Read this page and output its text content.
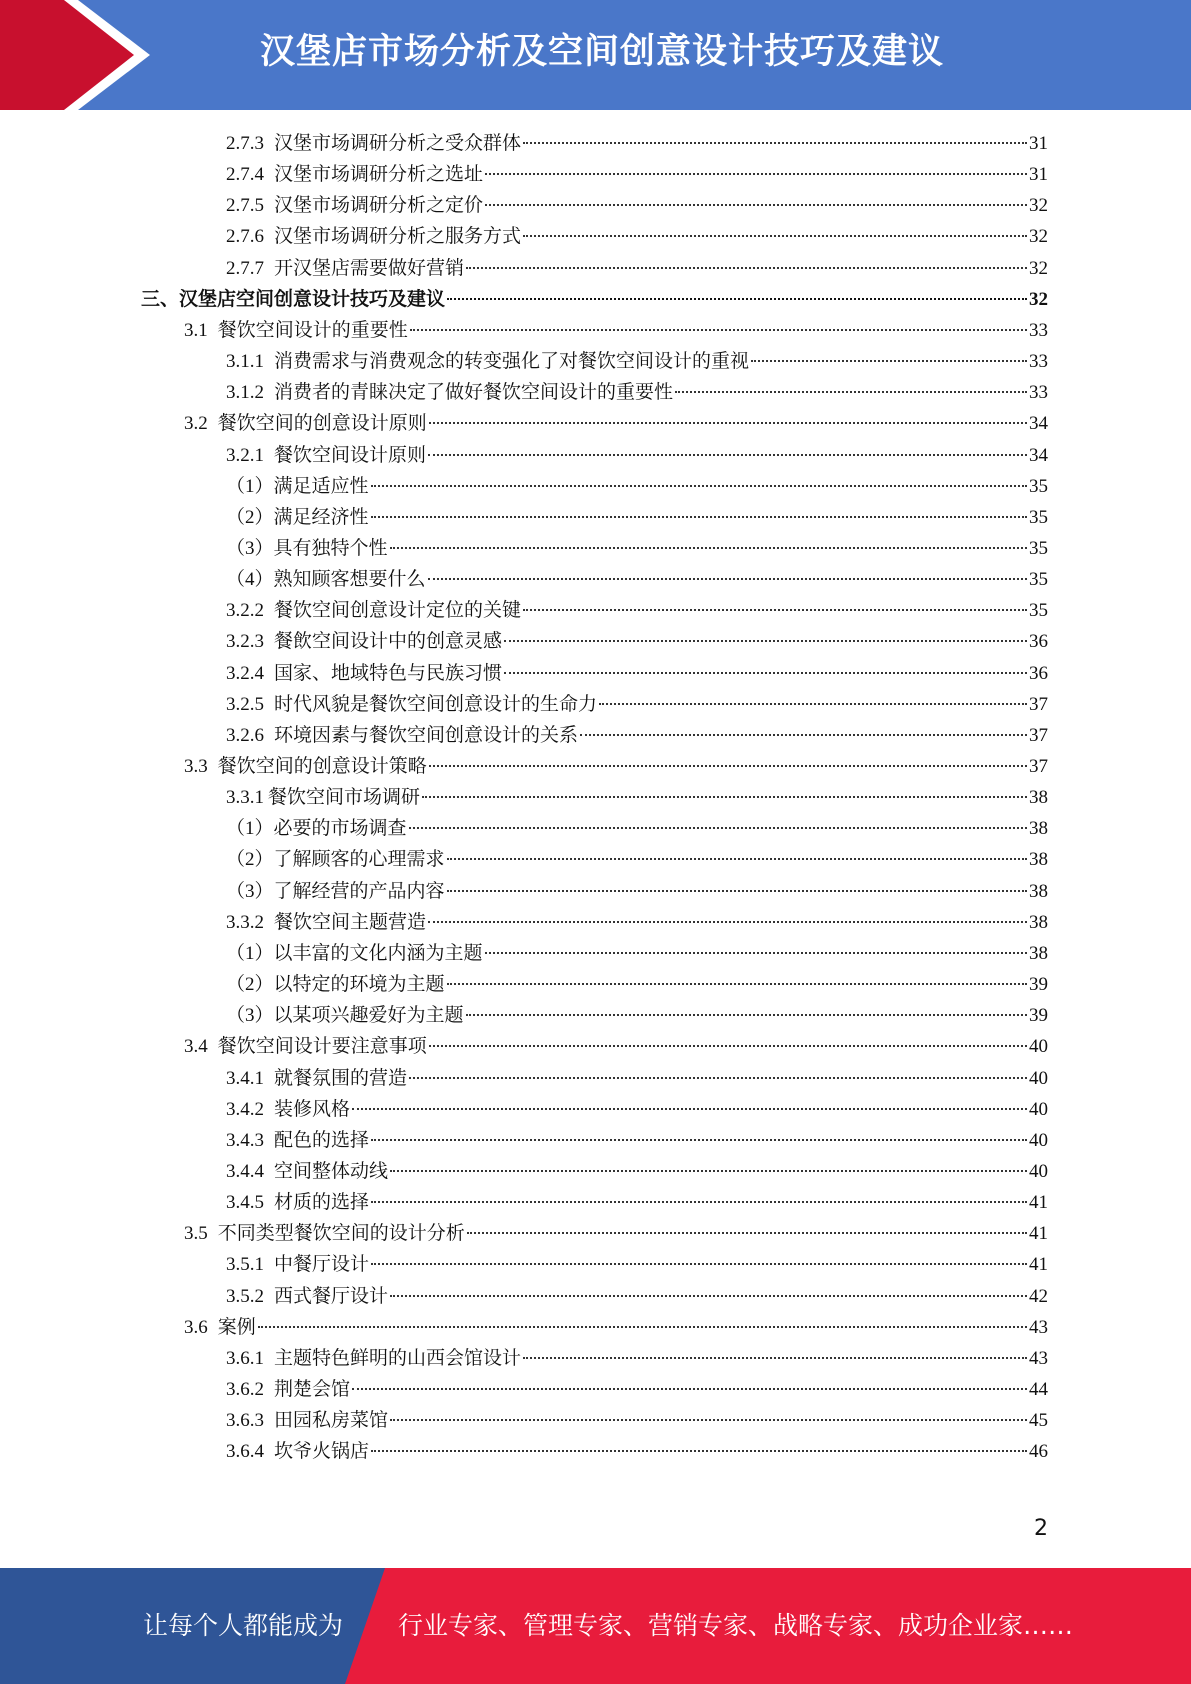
汉堡店市场分析及空间创意设计技巧及建议
2.7.3 汉堡市场调研分析之受众群体	31
2.7.4 汉堡市场调研分析之选址	31
2.7.5 汉堡市场调研分析之定价	32
2.7.6 汉堡市场调研分析之服务方式	32
2.7.7 开汉堡店需要做好营销	32
三、汉堡店空间创意设计技巧及建议	32
3.1 餐饮空间设计的重要性	33
3.1.1 消费需求与消费观念的转变强化了对餐饮空间设计的重视	33
3.1.2 消费者的青睐决定了做好餐饮空间设计的重要性	33
3.2 餐饮空间的创意设计原则	34
3.2.1 餐饮空间设计原则	34
（1）满足适应性	35
（2）满足经济性	35
（3）具有独特个性	35
（4）熟知顾客想要什么	35
3.2.2 餐饮空间创意设计定位的关键	35
3.2.3 餐飲空间设计中的创意灵感	36
3.2.4 国家、地域特色与民族习惯	36
3.2.5 时代风貌是餐饮空间创意设计的生命力	37
3.2.6 环境因素与餐饮空间创意设计的关系	37
3.3 餐饮空间的创意设计策略	37
3.3.1 餐饮空间市场调研	38
（1）必要的市场调查	38
（2）了解顾客的心理需求	38
（3）了解经营的产品内容	38
3.3.2 餐饮空间主题营造	38
（1）以丰富的文化内涵为主题	38
（2）以特定的环境为主题	39
（3）以某项兴趣爱好为主题	39
3.4 餐饮空间设计要注意事项	40
3.4.1 就餐氛围的营造	40
3.4.2 装修风格	40
3.4.3 配色的选择	40
3.4.4 空间整体动线	40
3.4.5 材质的选择	41
3.5 不同类型餐饮空间的设计分析	41
3.5.1 中餐厅设计	41
3.5.2 西式餐厅设计	42
3.6 案例	43
3.6.1 主题特色鲜明的山西会馆设计	43
3.6.2 荆楚会馆	44
3.6.3 田园私房菜馆	45
3.6.4 坎爷火锅店	46
2
让每个人都能成为 行业专家、管理专家、营销专家、战略专家、成功企业家……
